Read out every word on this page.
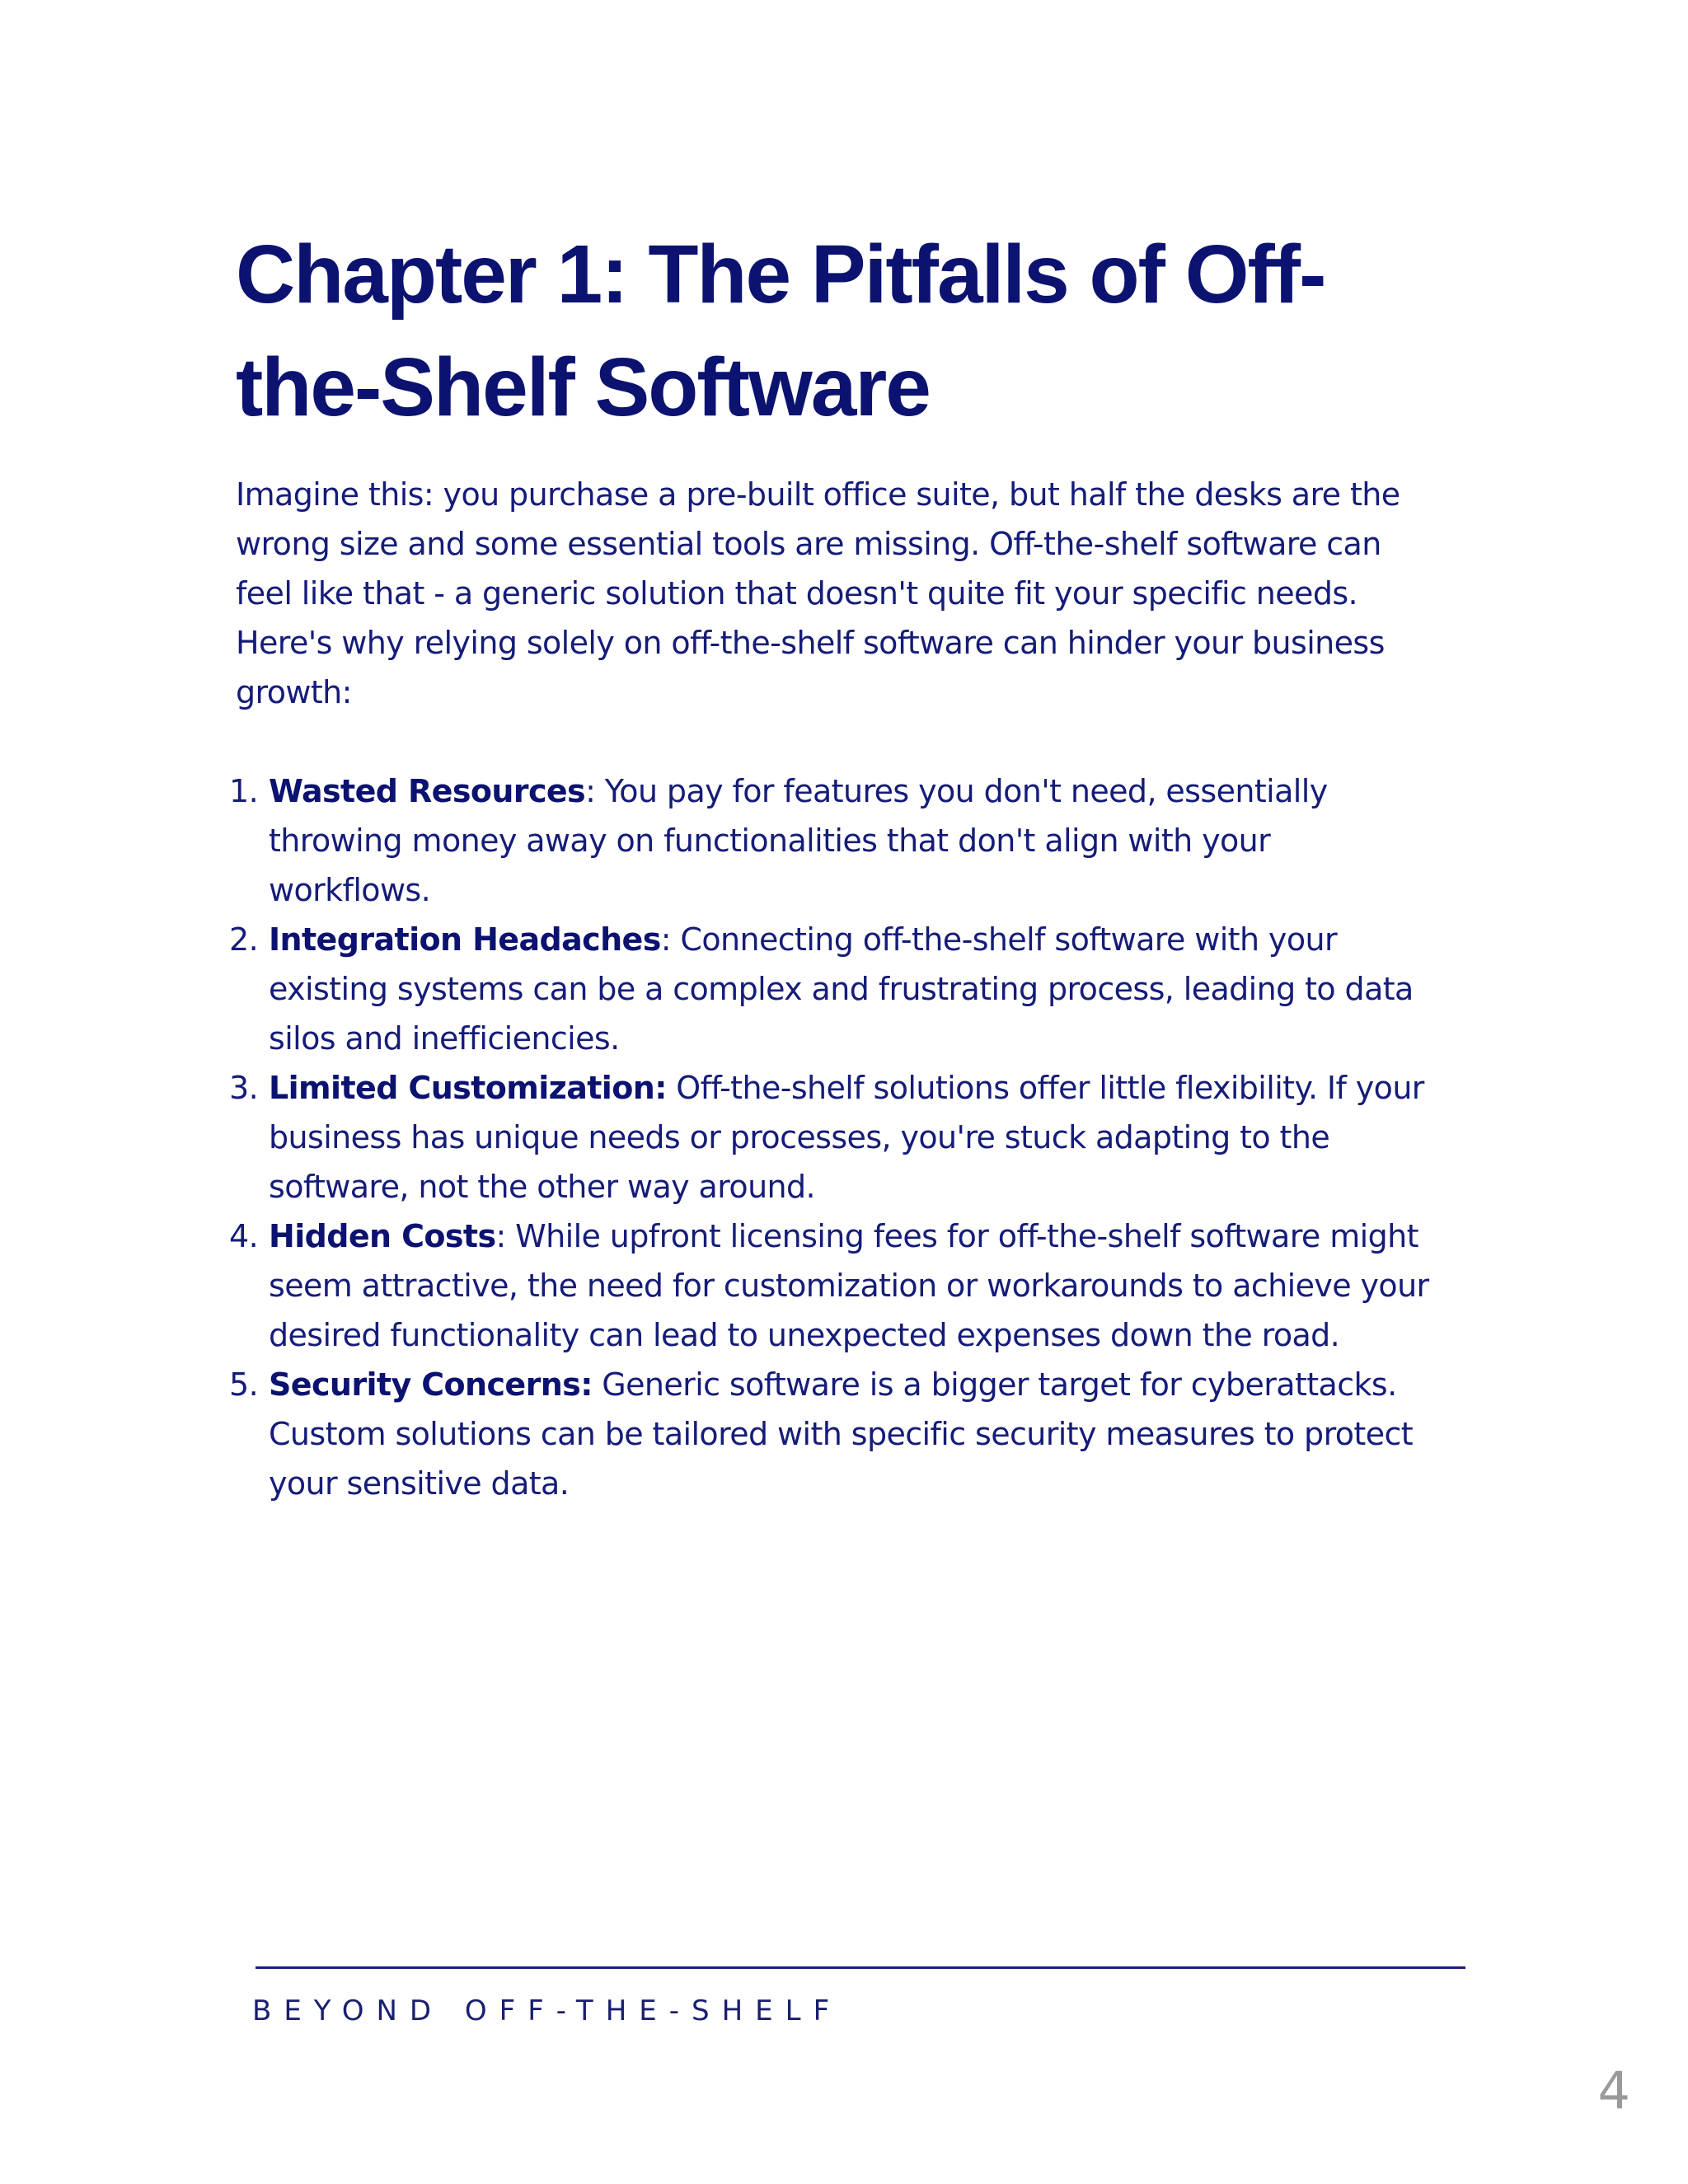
Chapter 1: The Pitfalls of Off-
the-Shelf Software

Imagine this: you purchase a pre-built office suite, but half the desks are the
wrong size and some essential tools are missing. Off-the-shelf software can
feel like that - a generic solution that doesn't quite fit your specific needs.
Here's why relying solely on off-the-shelf software can hinder your business
growth:

1. Wasted Resources: You pay for features you don't need, essentially
throwing money away on functionalities that don't align with your
workflows.
2. Integration Headaches: Connecting off-the-shelf software with your
existing systems can be a complex and frustrating process, leading to data
silos and inefficiencies.
3. Limited Customization: Off-the-shelf solutions offer little flexibility. If your
business has unique needs or processes, you're stuck adapting to the
software, not the other way around.
4. Hidden Costs: While upfront licensing fees for off-the-shelf software might
seem attractive, the need for customization or workarounds to achieve your
desired functionality can lead to unexpected expenses down the road.
5. Security Concerns: Generic software is a bigger target for cyberattacks.
Custom solutions can be tailored with specific security measures to protect
your sensitive data.
BEYOND OFF-THE-SHELF
4
